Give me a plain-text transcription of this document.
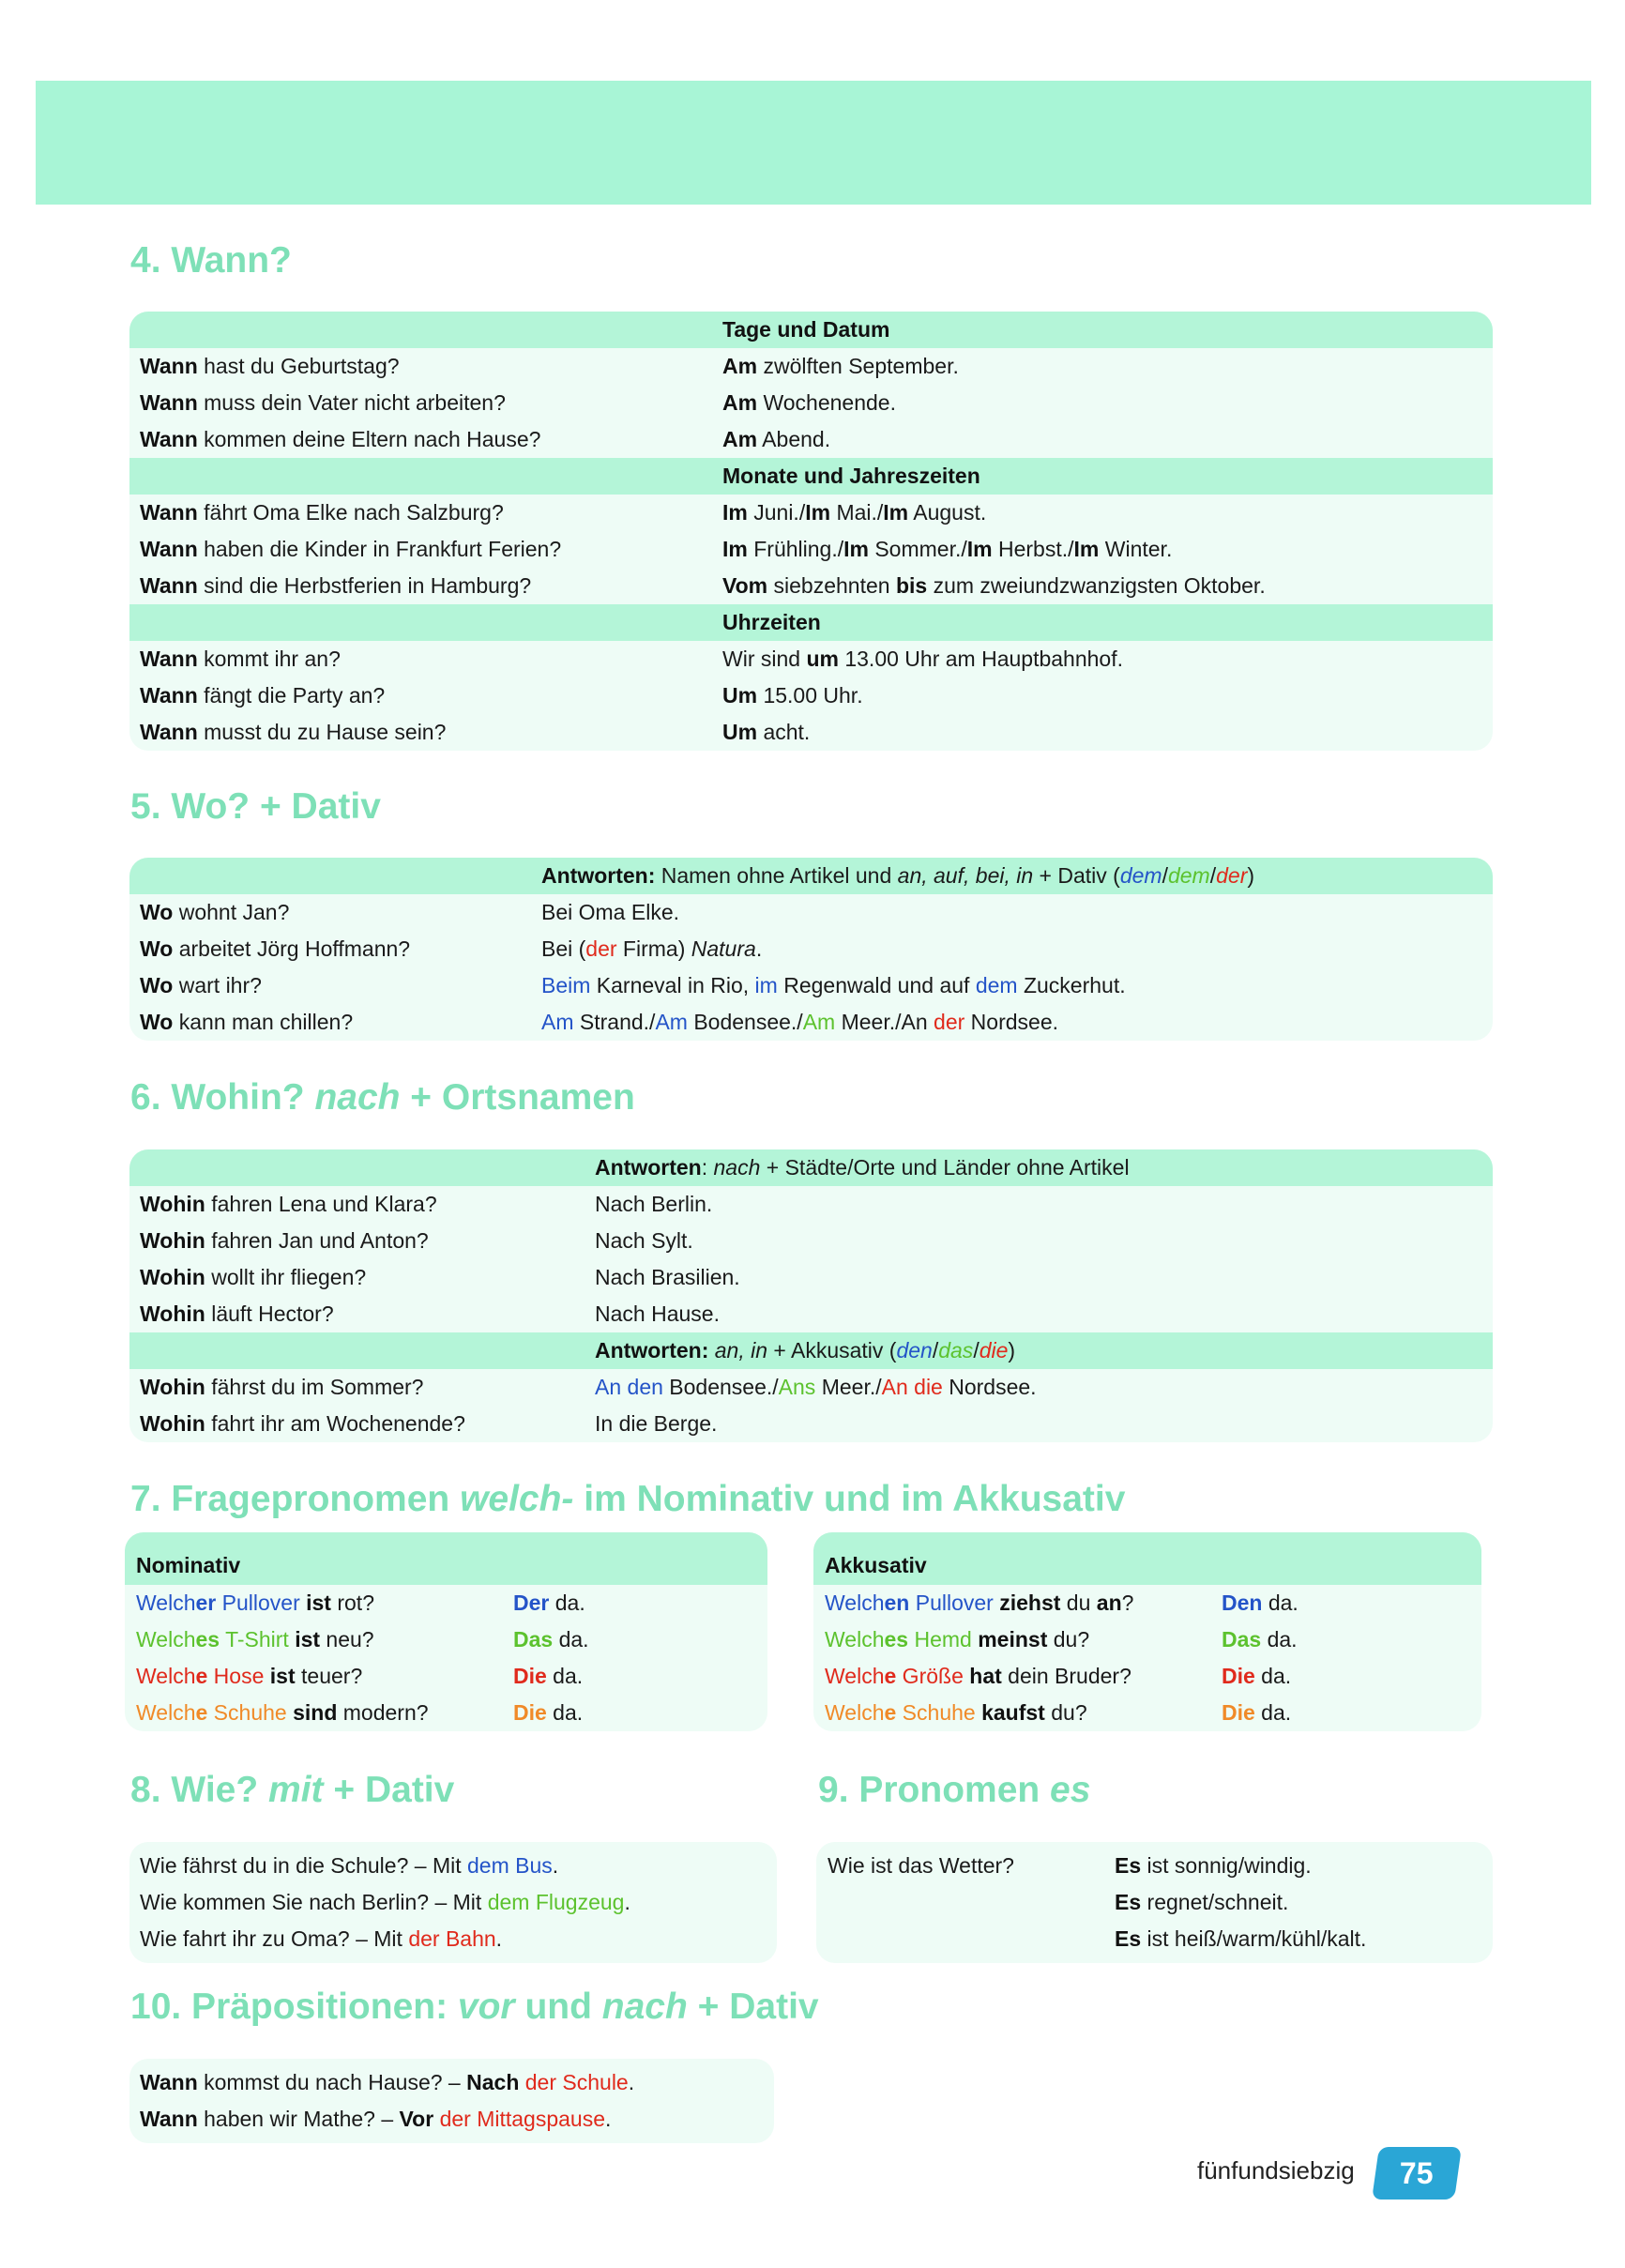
4. Wann?
Tage und Datum
Wann hast du Geburtstag?	Am zwölften September.
Wann muss dein Vater nicht arbeiten?	Am Wochenende.
Wann kommen deine Eltern nach Hause?	Am Abend.
Monate und Jahreszeiten
Wann fährt Oma Elke nach Salzburg?	Im Juni./Im Mai./Im August.
Wann haben die Kinder in Frankfurt Ferien?	Im Frühling./Im Sommer./Im Herbst./Im Winter.
Wann sind die Herbstferien in Hamburg?	Vom siebzehnten bis zum zweiundzwanzigsten Oktober.
Uhrzeiten
Wann kommt ihr an?	Wir sind um 13.00 Uhr am Hauptbahnhof.
Wann fängt die Party an?	Um 15.00 Uhr.
Wann musst du zu Hause sein?	Um acht.
5. Wo? + Dativ
Antworten: Namen ohne Artikel und an, auf, bei, in + Dativ (dem/dem/der)
Wo wohnt Jan?	Bei Oma Elke.
Wo arbeitet Jörg Hoffmann?	Bei (der Firma) Natura.
Wo wart ihr?	Beim Karneval in Rio, im Regenwald und auf dem Zuckerhut.
Wo kann man chillen?	Am Strand./Am Bodensee./Am Meer./An der Nordsee.
6. Wohin? nach + Ortsnamen
Antworten: nach + Städte/Orte und Länder ohne Artikel
Wohin fahren Lena und Klara?	Nach Berlin.
Wohin fahren Jan und Anton?	Nach Sylt.
Wohin wollt ihr fliegen?	Nach Brasilien.
Wohin läuft Hector?	Nach Hause.
Antworten: an, in + Akkusativ (den/das/die)
Wohin fährst du im Sommer?	An den Bodensee./Ans Meer./An die Nordsee.
Wohin fahrt ihr am Wochenende?	In die Berge.
7. Fragepronomen welch- im Nominativ und im Akkusativ
Nominativ
Welcher Pullover ist rot?	Der da.
Welches T-Shirt ist neu?	Das da.
Welche Hose ist teuer?	Die da.
Welche Schuhe sind modern?	Die da.
Akkusativ
Welchen Pullover ziehst du an?	Den da.
Welches Hemd meinst du?	Das da.
Welche Größe hat dein Bruder?	Die da.
Welche Schuhe kaufst du?	Die da.
8. Wie? mit + Dativ
Wie fährst du in die Schule? – Mit dem Bus.
Wie kommen Sie nach Berlin? – Mit dem Flugzeug.
Wie fahrt ihr zu Oma? – Mit der Bahn.
9. Pronomen es
Wie ist das Wetter?	Es ist sonnig/windig.
Es regnet/schneit.
Es ist heiß/warm/kühl/kalt.
10. Präpositionen: vor und nach + Dativ
Wann kommst du nach Hause? – Nach der Schule.
Wann haben wir Mathe? – Vor der Mittagspause.
fünfundsiebzig 75
